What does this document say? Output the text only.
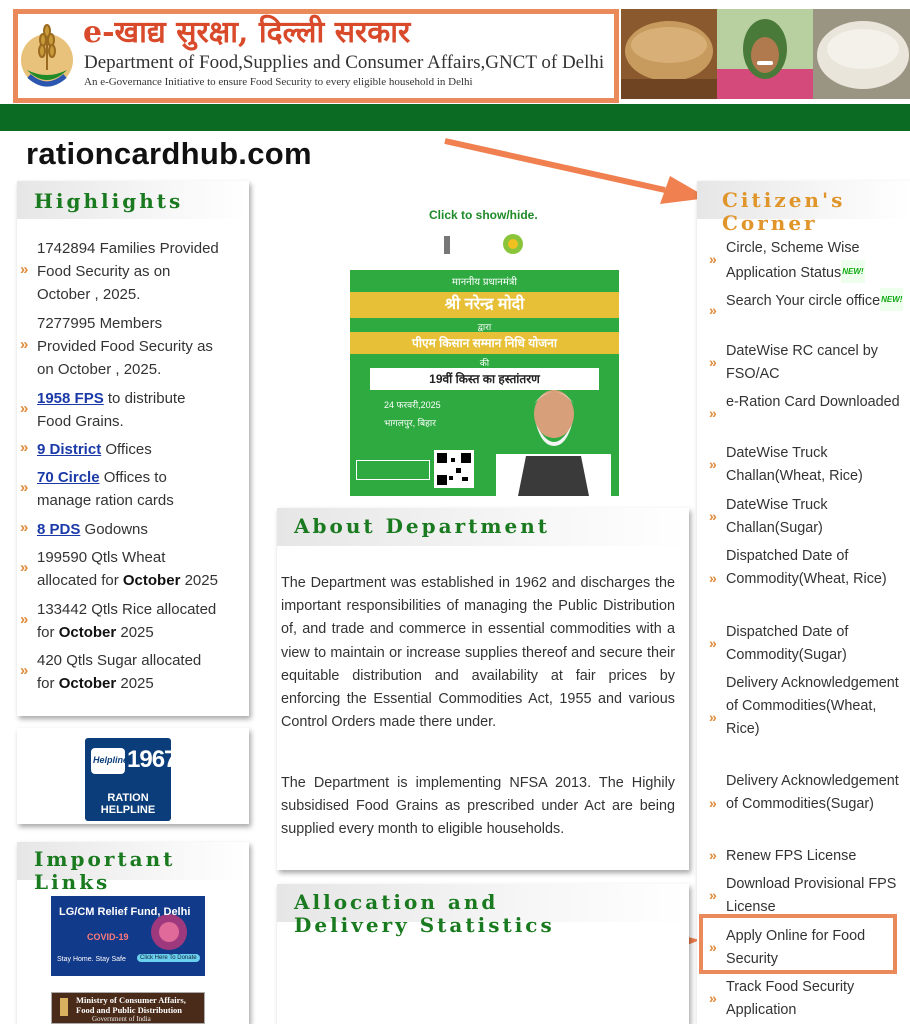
e-खाद्य सुरक्षा, दिल्ली सरकार
Department of Food,Supplies and Consumer Affairs,GNCT of Delhi
An e-Governance Initiative to ensure Food Security to every eligible household in Delhi
rationcardhub.com
Highlights
»
1742894 Families Provided Food Security as on October , 2025.
»
7277995 Members Provided Food Security as on October , 2025.
»
1958 FPS to distribute Food Grains.
» 9 District Offices
»
70 Circle Offices to manage ration cards
» 8 PDS Godowns
»
199590 Qtls Wheat allocated for October 2025
»
133442 Qtls Rice allocated for October 2025
»
420 Qtls Sugar allocated for October 2025
Helpline
1967
RATION HELPLINE
Important Links
LG/CM Relief Fund, Delhi
COVID-19
Stay Home. Stay Safe	Click Here To Donate
Ministry of Consumer Affairs,
Food and Public Distribution
Government of India
Click to show/hide.
माननीय प्रधानमंत्री
श्री नरेन्द्र मोदी
द्वारा
पीएम किसान सम्मान निधि योजना
की
19वीं किस्त का हस्तांतरण
24 फरवरी,2025
भागलपुर, बिहार
About Department
The Department was established in 1962 and discharges the important responsibilities of managing the Public Distribution of, and trade and commerce in essential commodities with a view to maintain or increase supplies thereof and secure their equitable distribution and availability at fair prices by enforcing the Essential Commodities Act, 1955 and various Control Orders made there under.
The Department is implementing NFSA 2013. The Highily subsidised Food Grains as prescribed under Act are being supplied every month to eligible households.
Allocation and Delivery Statistics
Citizen's Corner
»
Circle, Scheme Wise Application StatusNEW!
»
Search Your circle officeNEW!
»
DateWise RC cancel by FSO/AC
»
e-Ration Card Downloaded
»
DateWise Truck Challan(Wheat, Rice)
»
DateWise Truck Challan(Sugar)
»
Dispatched Date of Commodity(Wheat, Rice)
»
Dispatched Date of Commodity(Sugar)
»
Delivery Acknowledgement of Commodities(Wheat, Rice)
»
Delivery Acknowledgement of Commodities(Sugar)
» Renew FPS License
»
Download Provisional FPS License
»
Apply Online for Food Security
»
Track Food Security Application
